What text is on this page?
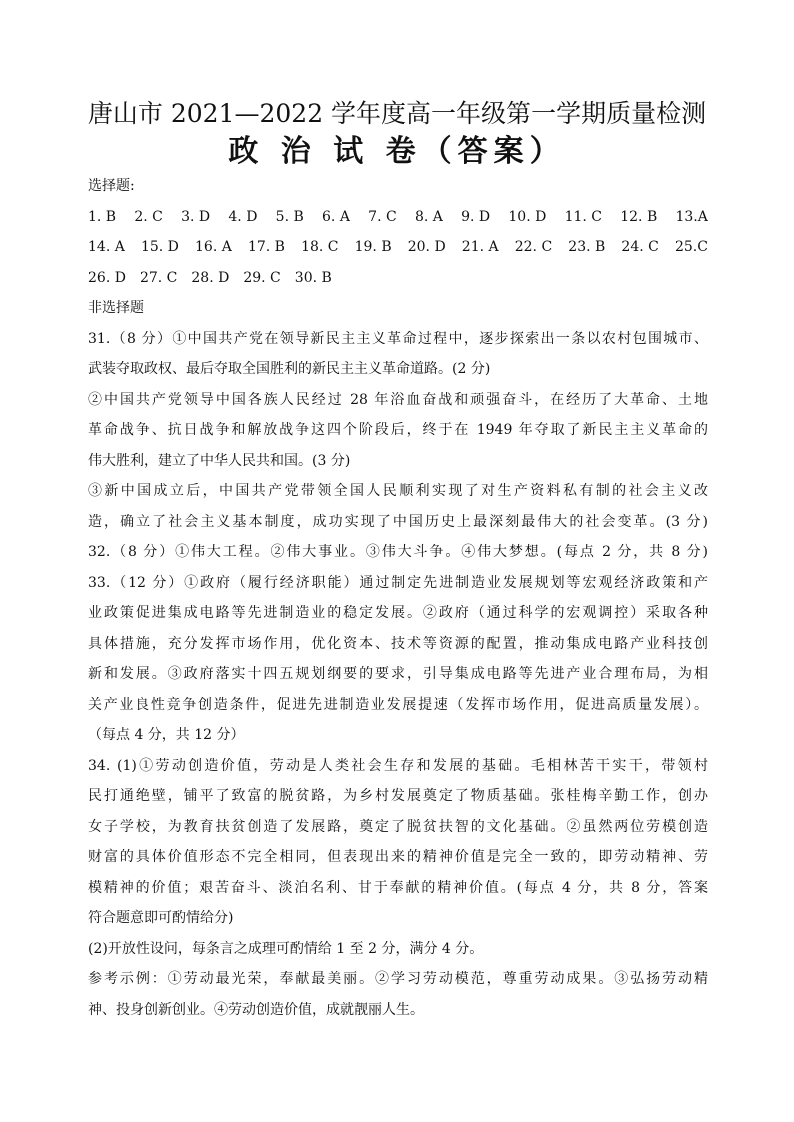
唐山市 2021—2022 学年度高一年级第一学期质量检测
政 治 试 卷（答案）
选择题:
1. B 2. C 3. D 4. D 5. B 6. A 7. C 8. A 9. D 10. D 11. C 12. B 13.A
14. A 15. D 16. A 17. B 18. C 19. B 20. D 21. A 22. C 23. B 24. C 25.C
26. D 27. C 28. D 29. C 30. B
非选择题
31.（8 分）①中国共产党在领导新民主主义革命过程中，逐步探索出一条以农村包围城市、
武装夺取政权、最后夺取全国胜利的新民主主义革命道路。(2 分)
②中国共产党领导中国各族人民经过 28 年浴血奋战和顽强奋斗，在经历了大革命、土地
革命战争、抗日战争和解放战争这四个阶段后，终于在 1949 年夺取了新民主主义革命的
伟大胜利，建立了中华人民共和国。(3 分)
③新中国成立后，中国共产党带领全国人民顺利实现了对生产资料私有制的社会主义改
造，确立了社会主义基本制度，成功实现了中国历史上最深刻最伟大的社会变革。(3 分)
32.（8 分）①伟大工程。②伟大事业。③伟大斗争。④伟大梦想。(每点 2 分，共 8 分)
33.（12 分）①政府（履行经济职能）通过制定先进制造业发展规划等宏观经济政策和产
业政策促进集成电路等先进制造业的稳定发展。②政府（通过科学的宏观调控）采取各种
具体措施，充分发挥市场作用，优化资本、技术等资源的配置，推动集成电路产业科技创
新和发展。③政府落实十四五规划纲要的要求，引导集成电路等先进产业合理布局，为相
关产业良性竞争创造条件，促进先进制造业发展提速（发挥市场作用，促进高质量发展）。
（每点 4 分，共 12 分）
34. (1)①劳动创造价值，劳动是人类社会生存和发展的基础。毛相林苦干实干，带领村
民打通绝壁，铺平了致富的脱贫路，为乡村发展奠定了物质基础。张桂梅辛勤工作，创办
女子学校，为教育扶贫创造了发展路，奠定了脱贫扶智的文化基础。②虽然两位劳模创造
财富的具体价值形态不完全相同，但表现出来的精神价值是完全一致的，即劳动精神、劳
模精神的价值；艰苦奋斗、淡泊名利、甘于奉献的精神价值。(每点 4 分，共 8 分，答案
符合题意即可酌情给分)
(2)开放性设问，每条言之成理可酌情给 1 至 2 分，满分 4 分。
参考示例：①劳动最光荣，奉献最美丽。②学习劳动模范，尊重劳动成果。③弘扬劳动精
神、投身创新创业。④劳动创造价值，成就靓丽人生。
